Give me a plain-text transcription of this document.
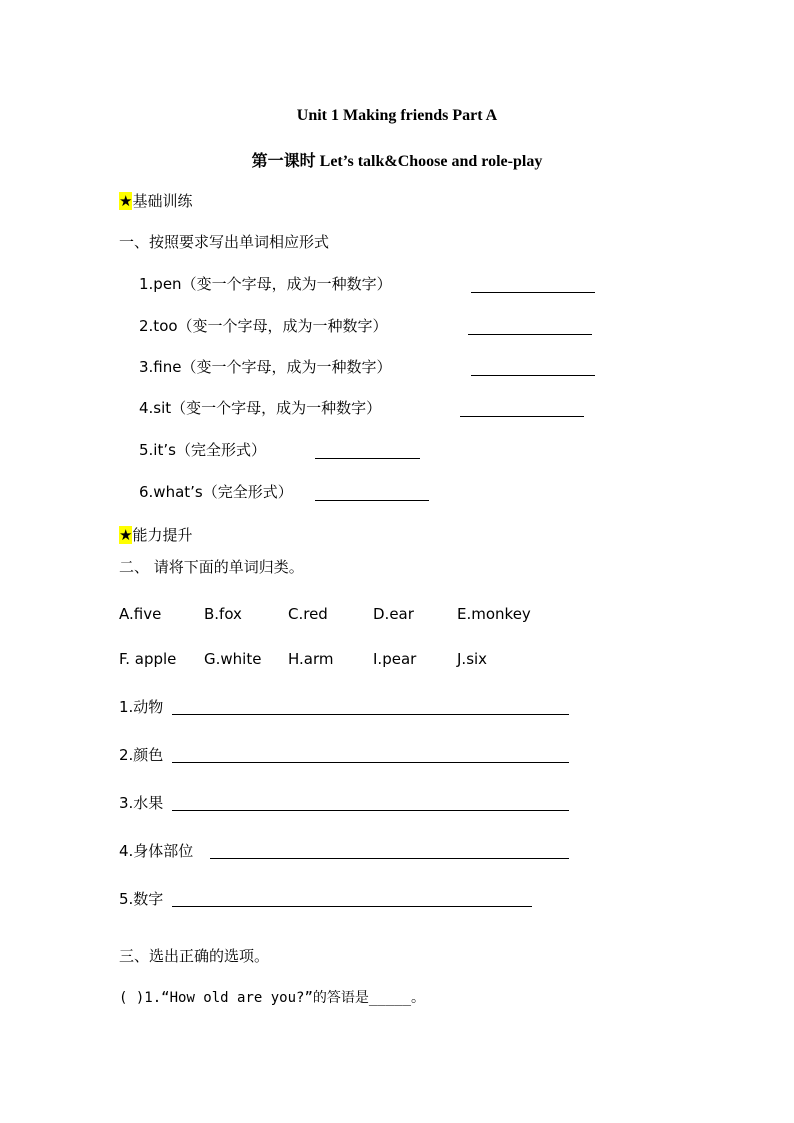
Unit 1 Making friends Part A
第一课时 Let’s talk&Choose and role-play
★基础训练
一、按照要求写出单词相应形式
1.pen（变一个字母，成为一种数字）
2.too（变一个字母，成为一种数字）
3.fine（变一个字母，成为一种数字）
4.sit（变一个字母，成为一种数字）
5.it’s（完全形式）
6.what’s（完全形式）
★能力提升
二、 请将下面的单词归类。
A.five	B.fox	C.red	D.ear	E.monkey
F. apple G.white H.arm	I.pear	J.six
1.动物
2.颜色
3.水果
4.身体部位
5.数字
三、选出正确的选项。
( )1.“How old are you?”的答语是_____。
